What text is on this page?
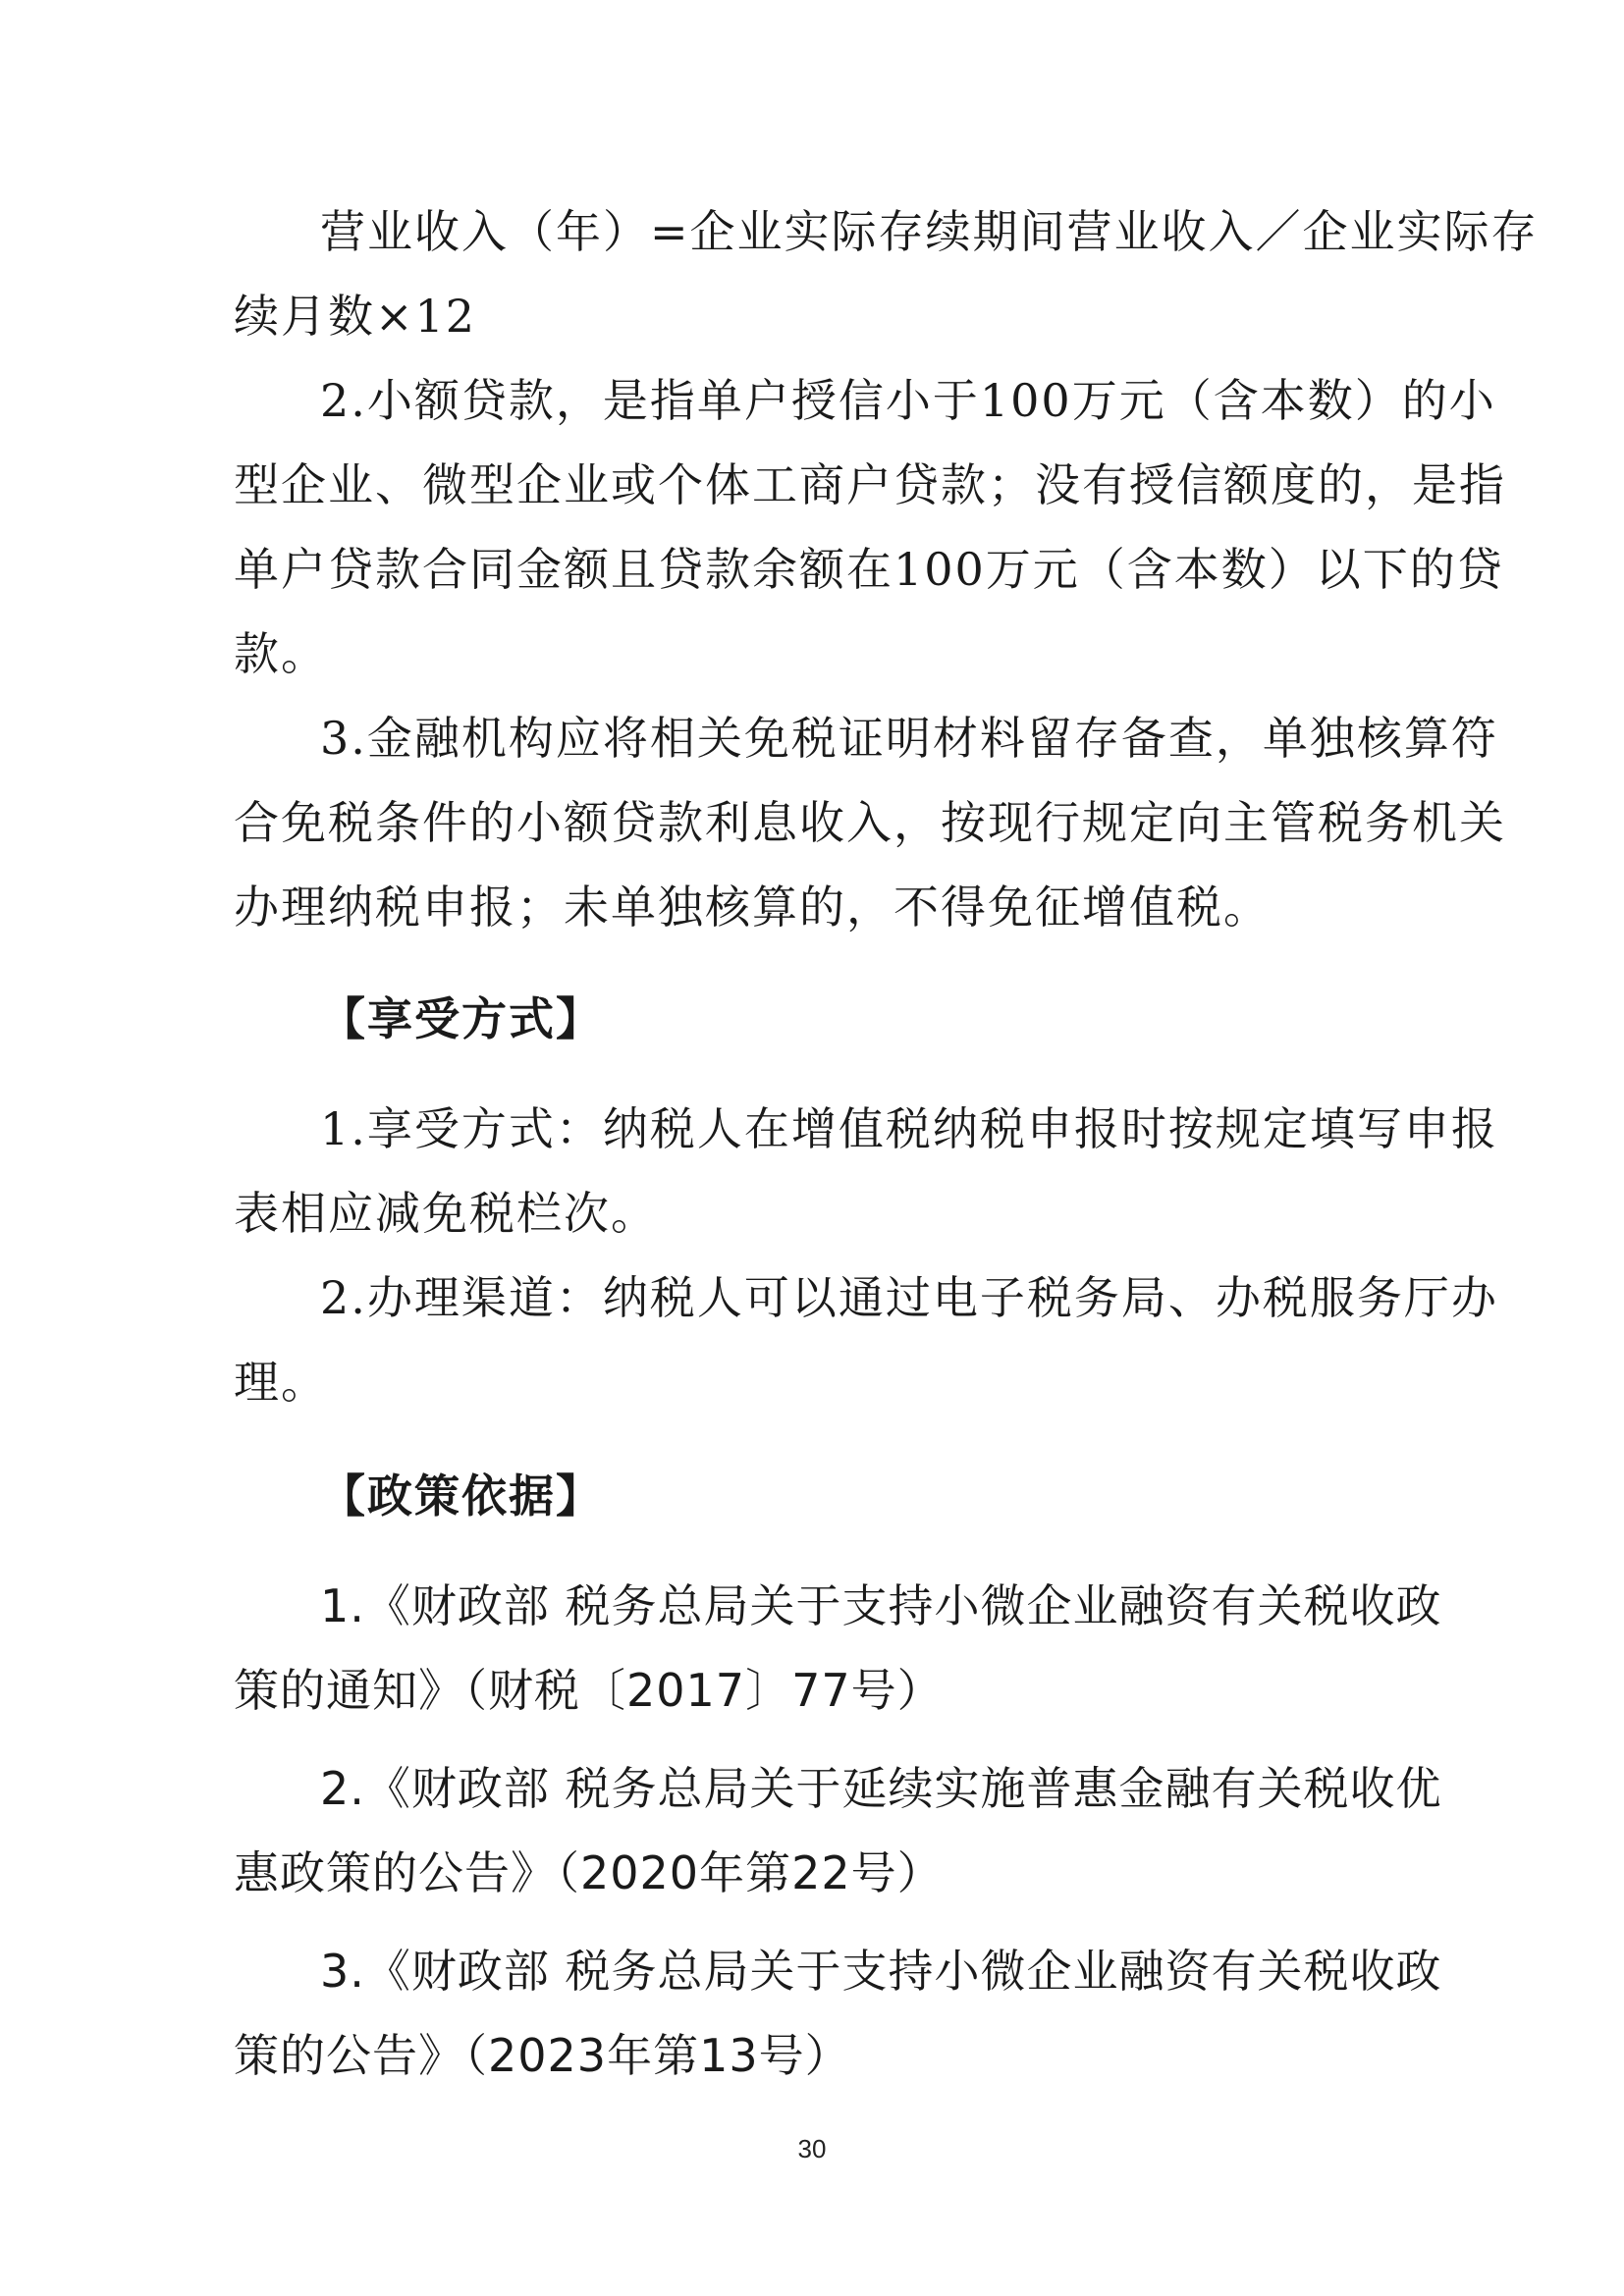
营业收入（年）=企业实际存续期间营业收入／企业实际存
续月数×12
2.小额贷款，是指单户授信小于100万元（含本数）的小
型企业、微型企业或个体工商户贷款；没有授信额度的，是指
单户贷款合同金额且贷款余额在100万元（含本数）以下的贷
款。
3.金融机构应将相关免税证明材料留存备查，单独核算符
合免税条件的小额贷款利息收入，按现行规定向主管税务机关
办理纳税申报；未单独核算的，不得免征增值税。
【享受方式】
1.享受方式：纳税人在增值税纳税申报时按规定填写申报
表相应减免税栏次。
2.办理渠道：纳税人可以通过电子税务局、办税服务厅办
理。
【政策依据】
1.《财政部 税务总局关于支持小微企业融资有关税收政
策的通知》（财税〔2017〕77号）
2.《财政部 税务总局关于延续实施普惠金融有关税收优
惠政策的公告》（2020年第22号）
3.《财政部 税务总局关于支持小微企业融资有关税收政
策的公告》（2023年第13号）
30
